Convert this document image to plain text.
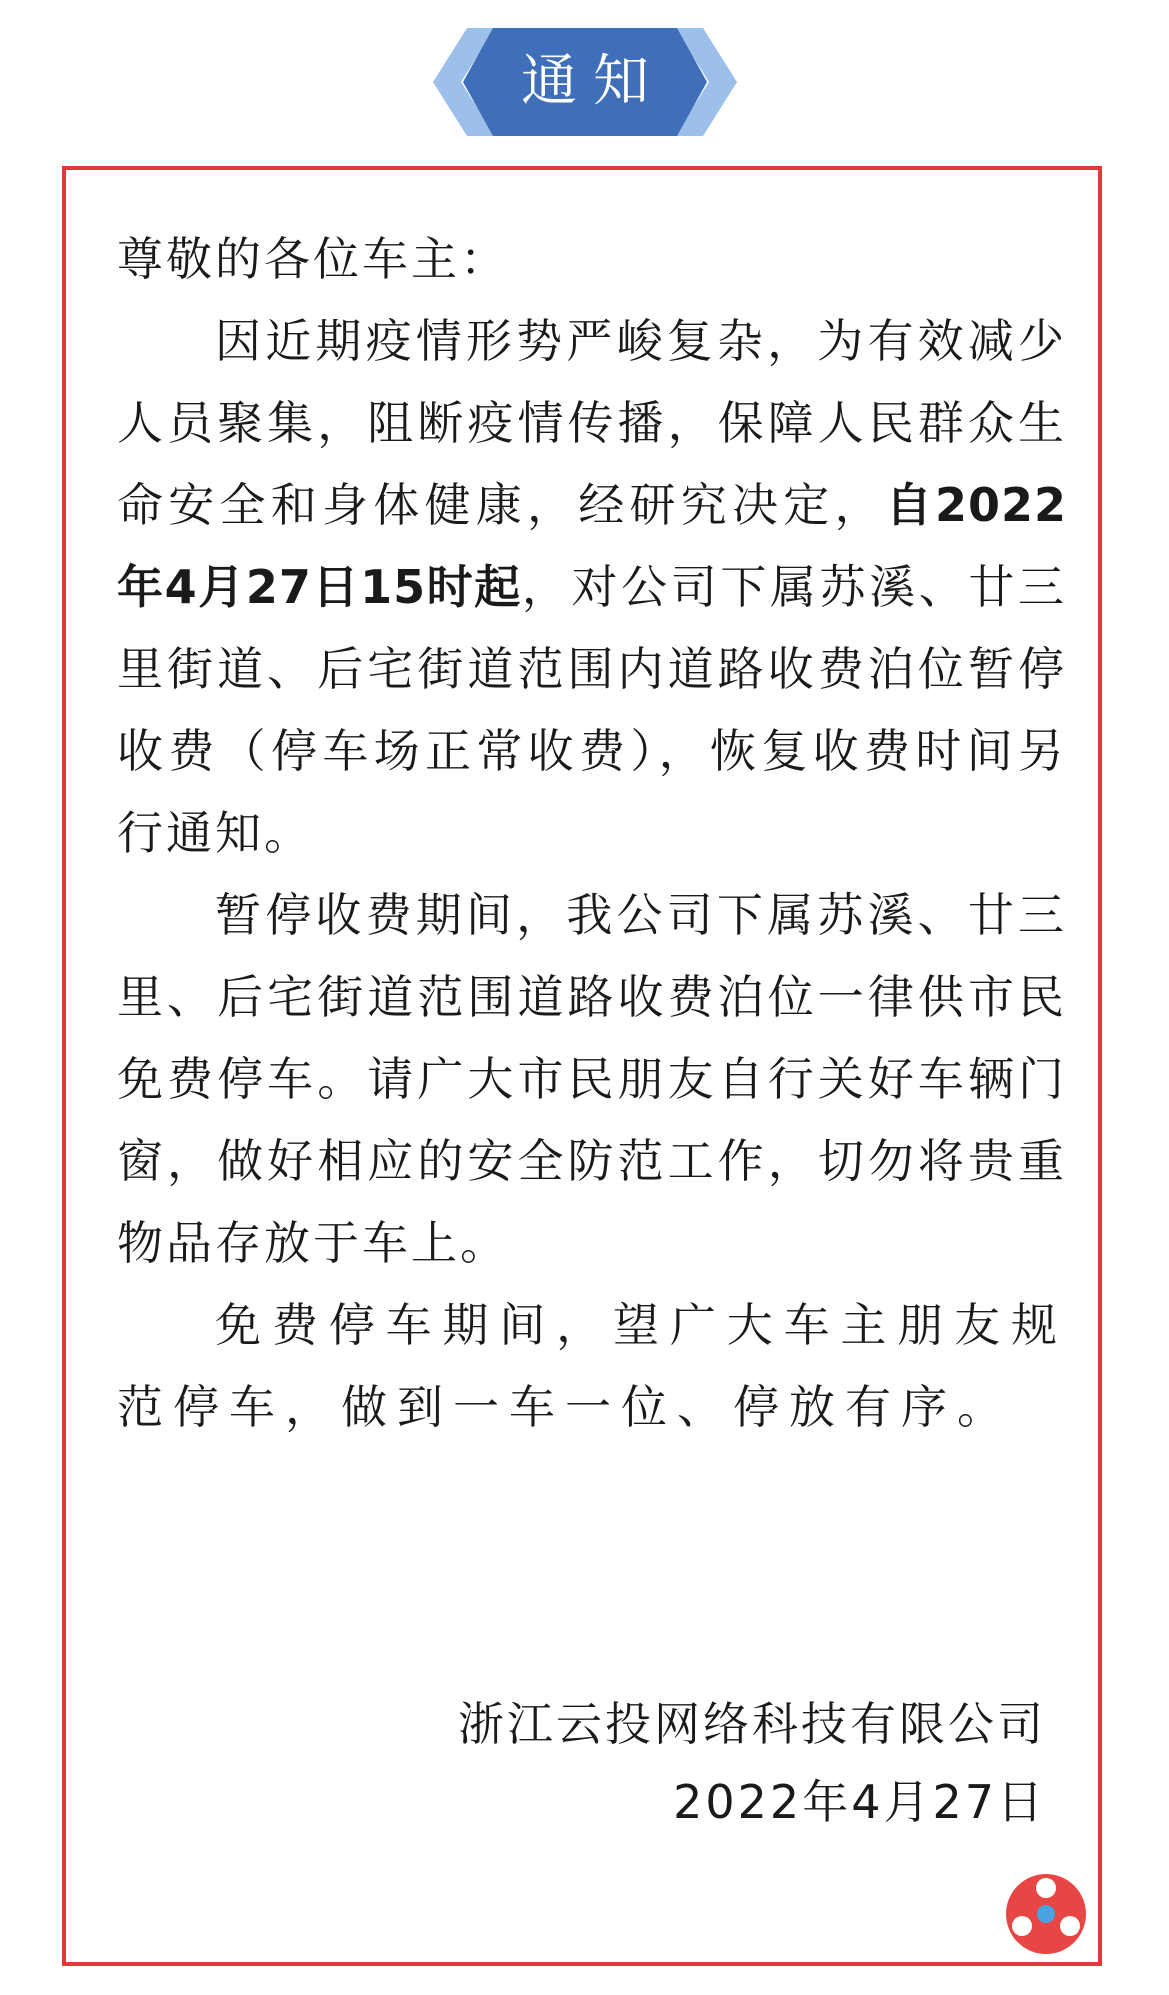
通知

尊敬的各位车主：

因近期疫情形势严峻复杂，为有效减少人员聚集，阻断疫情传播，保障人民群众生命安全和身体健康，经研究决定，自2022年4月27日15时起，对公司下属苏溪、廿三里街道、后宅街道范围内道路收费泊位暂停收费（停车场正常收费），恢复收费时间另行通知。

暂停收费期间，我公司下属苏溪、廿三里、后宅街道范围道路收费泊位一律供市民免费停车。请广大市民朋友自行关好车辆门窗，做好相应的安全防范工作，切勿将贵重物品存放于车上。

免费停车期间，望广大车主朋友规范停车，做到一车一位、停放有序。

浙江云投网络科技有限公司

2022年4月27日
